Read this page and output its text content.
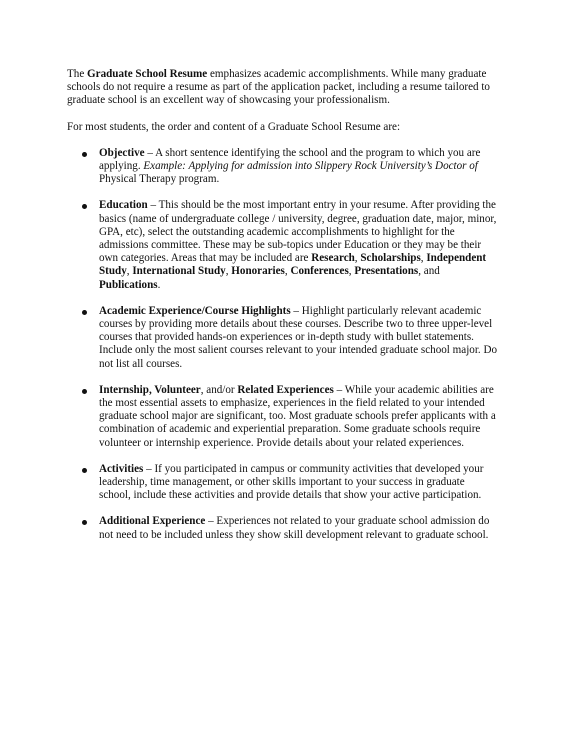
The Graduate School Resume emphasizes academic accomplishments. While many graduate schools do not require a resume as part of the application packet, including a resume tailored to graduate school is an excellent way of showcasing your professionalism.

For most students, the order and content of a Graduate School Resume are:

Objective – A short sentence identifying the school and the program to which you are applying. Example: Applying for admission into Slippery Rock University’s Doctor of Physical Therapy program.
Education – This should be the most important entry in your resume. After providing the basics (name of undergraduate college / university, degree, graduation date, major, minor, GPA, etc), select the outstanding academic accomplishments to highlight for the admissions committee. These may be sub-topics under Education or they may be their own categories. Areas that may be included are Research, Scholarships, Independent Study, International Study, Honoraries, Conferences, Presentations, and Publications.
Academic Experience/Course Highlights – Highlight particularly relevant academic courses by providing more details about these courses. Describe two to three upper-level courses that provided hands-on experiences or in-depth study with bullet statements. Include only the most salient courses relevant to your intended graduate school major. Do not list all courses.
Internship, Volunteer, and/or Related Experiences – While your academic abilities are the most essential assets to emphasize, experiences in the field related to your intended graduate school major are significant, too. Most graduate schools prefer applicants with a combination of academic and experiential preparation. Some graduate schools require volunteer or internship experience. Provide details about your related experiences.
Activities – If you participated in campus or community activities that developed your leadership, time management, or other skills important to your success in graduate school, include these activities and provide details that show your active participation.
Additional Experience – Experiences not related to your graduate school admission do not need to be included unless they show skill development relevant to graduate school.
